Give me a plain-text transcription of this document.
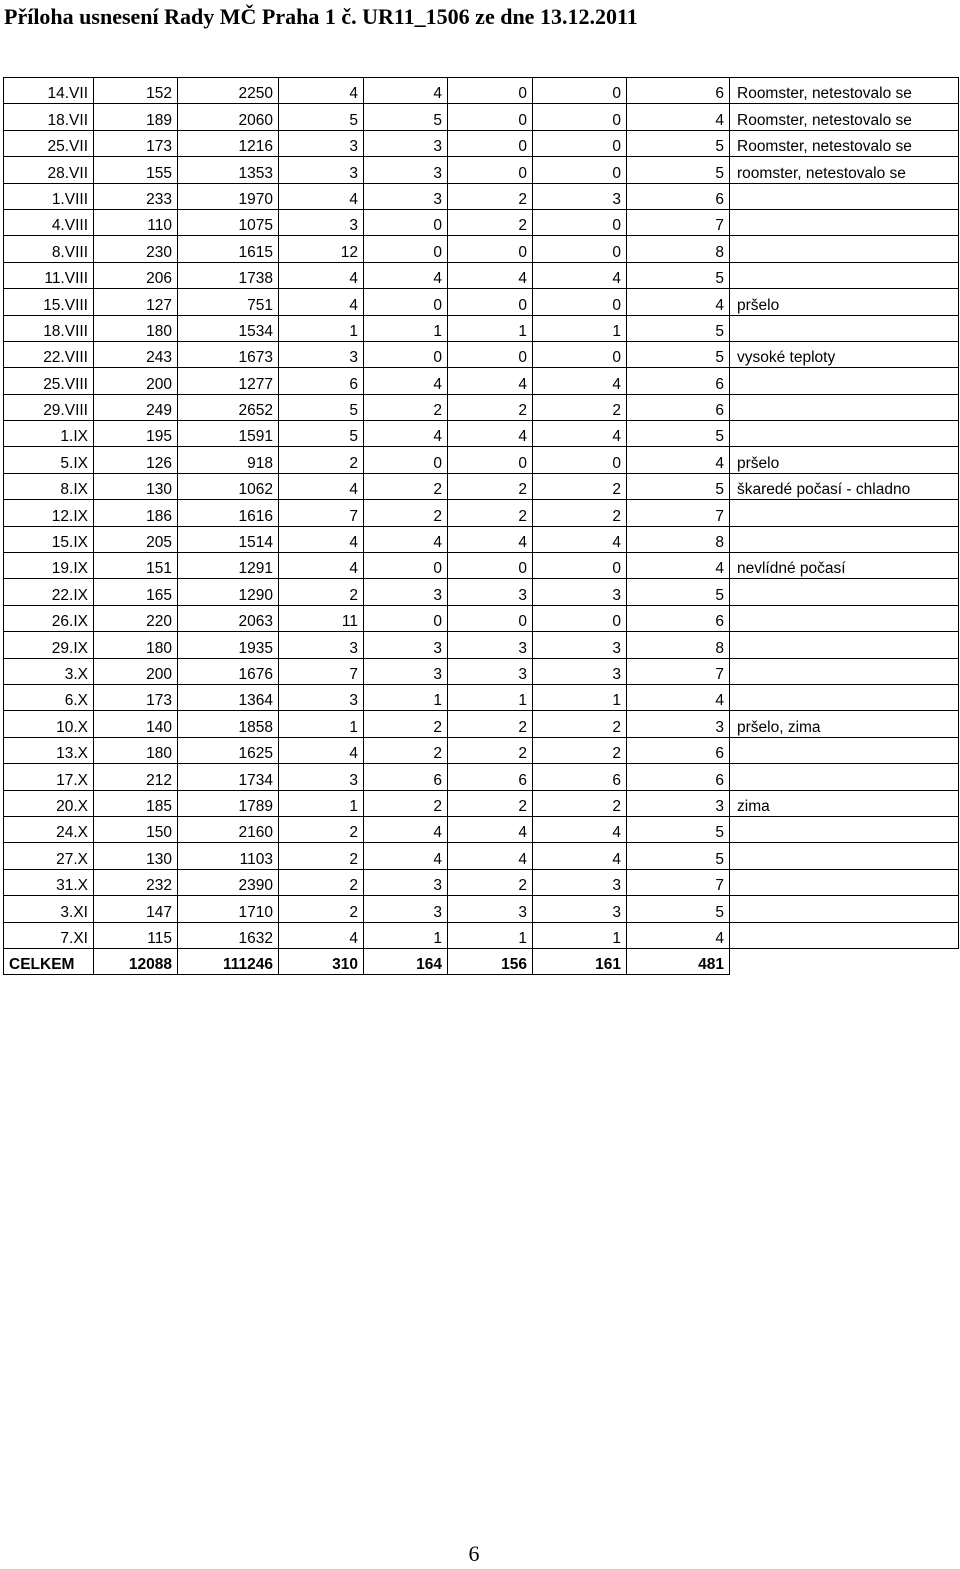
Příloha usnesení Rady MČ Praha 1 č. UR11_1506 ze dne 13.12.2011
14.VII	152	2250	4	4	0	0	6	Roomster, netestovalo se
18.VII	189	2060	5	5	0	0	4	Roomster, netestovalo se
25.VII	173	1216	3	3	0	0	5	Roomster, netestovalo se
28.VII	155	1353	3	3	0	0	5	roomster, netestovalo se
1.VIII	233	1970	4	3	2	3	6	
4.VIII	110	1075	3	0	2	0	7	
8.VIII	230	1615	12	0	0	0	8	
11.VIII	206	1738	4	4	4	4	5	
15.VIII	127	751	4	0	0	0	4	pršelo
18.VIII	180	1534	1	1	1	1	5	
22.VIII	243	1673	3	0	0	0	5	vysoké teploty
25.VIII	200	1277	6	4	4	4	6	
29.VIII	249	2652	5	2	2	2	6	
1.IX	195	1591	5	4	4	4	5	
5.IX	126	918	2	0	0	0	4	pršelo
8.IX	130	1062	4	2	2	2	5	škaredé počasí - chladno
12.IX	186	1616	7	2	2	2	7	
15.IX	205	1514	4	4	4	4	8	
19.IX	151	1291	4	0	0	0	4	nevlídné počasí
22.IX	165	1290	2	3	3	3	5	
26.IX	220	2063	11	0	0	0	6	
29.IX	180	1935	3	3	3	3	8	
3.X	200	1676	7	3	3	3	7	
6.X	173	1364	3	1	1	1	4	
10.X	140	1858	1	2	2	2	3	pršelo, zima
13.X	180	1625	4	2	2	2	6	
17.X	212	1734	3	6	6	6	6	
20.X	185	1789	1	2	2	2	3	zima
24.X	150	2160	2	4	4	4	5	
27.X	130	1103	2	4	4	4	5	
31.X	232	2390	2	3	2	3	7	
3.XI	147	1710	2	3	3	3	5	
7.XI	115	1632	4	1	1	1	4	
CELKEM	12088	111246	310	164	156	161	481	
6
